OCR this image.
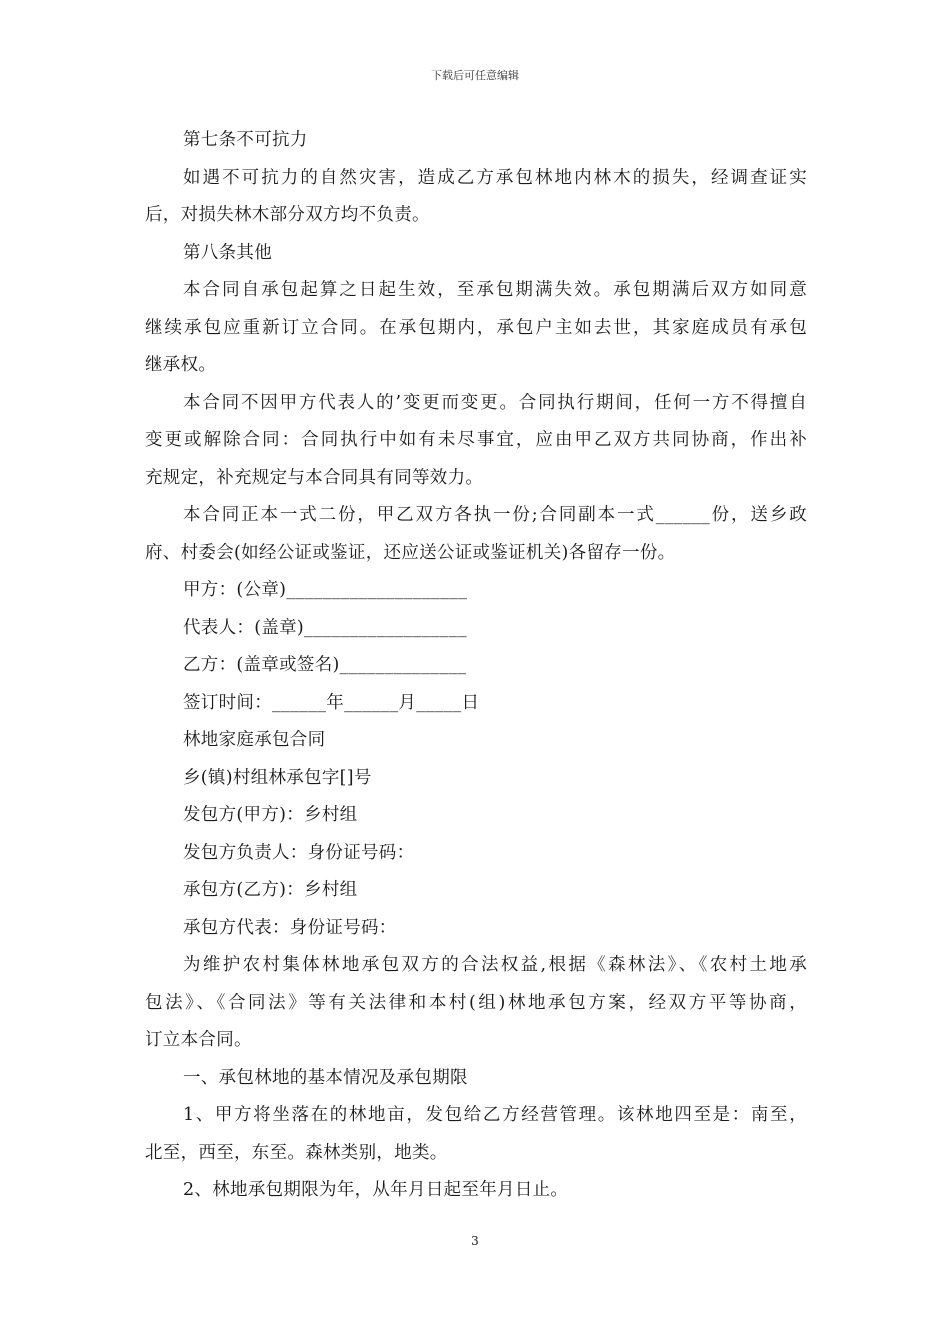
下载后可任意编辑
第七条不可抗力
如遇不可抗力的自然灾害，造成乙方承包林地内林木的损失，经调查证实
后，对损失林木部分双方均不负责。
第八条其他
本合同自承包起算之日起生效，至承包期满失效。承包期满后双方如同意
继续承包应重新订立合同。在承包期内，承包户主如去世，其家庭成员有承包
继承权。
本合同不因甲方代表人的’变更而变更。合同执行期间，任何一方不得擅自
变更或解除合同：合同执行中如有未尽事宜，应由甲乙双方共同协商，作出补
充规定，补充规定与本合同具有同等效力。
本合同正本一式二份，甲乙双方各执一份;合同副本一式______份，送乡政
府、村委会(如经公证或鉴证，还应送公证或鉴证机关)各留存一份。
甲方：(公章)____________________
代表人：(盖章)__________________
乙方：(盖章或签名)______________
签订时间：______年______月_____日
林地家庭承包合同
乡(镇)村组林承包字[]号
发包方(甲方)：乡村组
发包方负责人：身份证号码：
承包方(乙方)：乡村组
承包方代表：身份证号码：
为维护农村集体林地承包双方的合法权益,根据《森林法》、《农村土地承
包法》、《合同法》等有关法律和本村(组)林地承包方案，经双方平等协商，
订立本合同。
一、承包林地的基本情况及承包期限
1、甲方将坐落在的林地亩，发包给乙方经营管理。该林地四至是：南至，
北至，西至，东至。森林类别，地类。
2、林地承包期限为年，从年月日起至年月日止。
3
